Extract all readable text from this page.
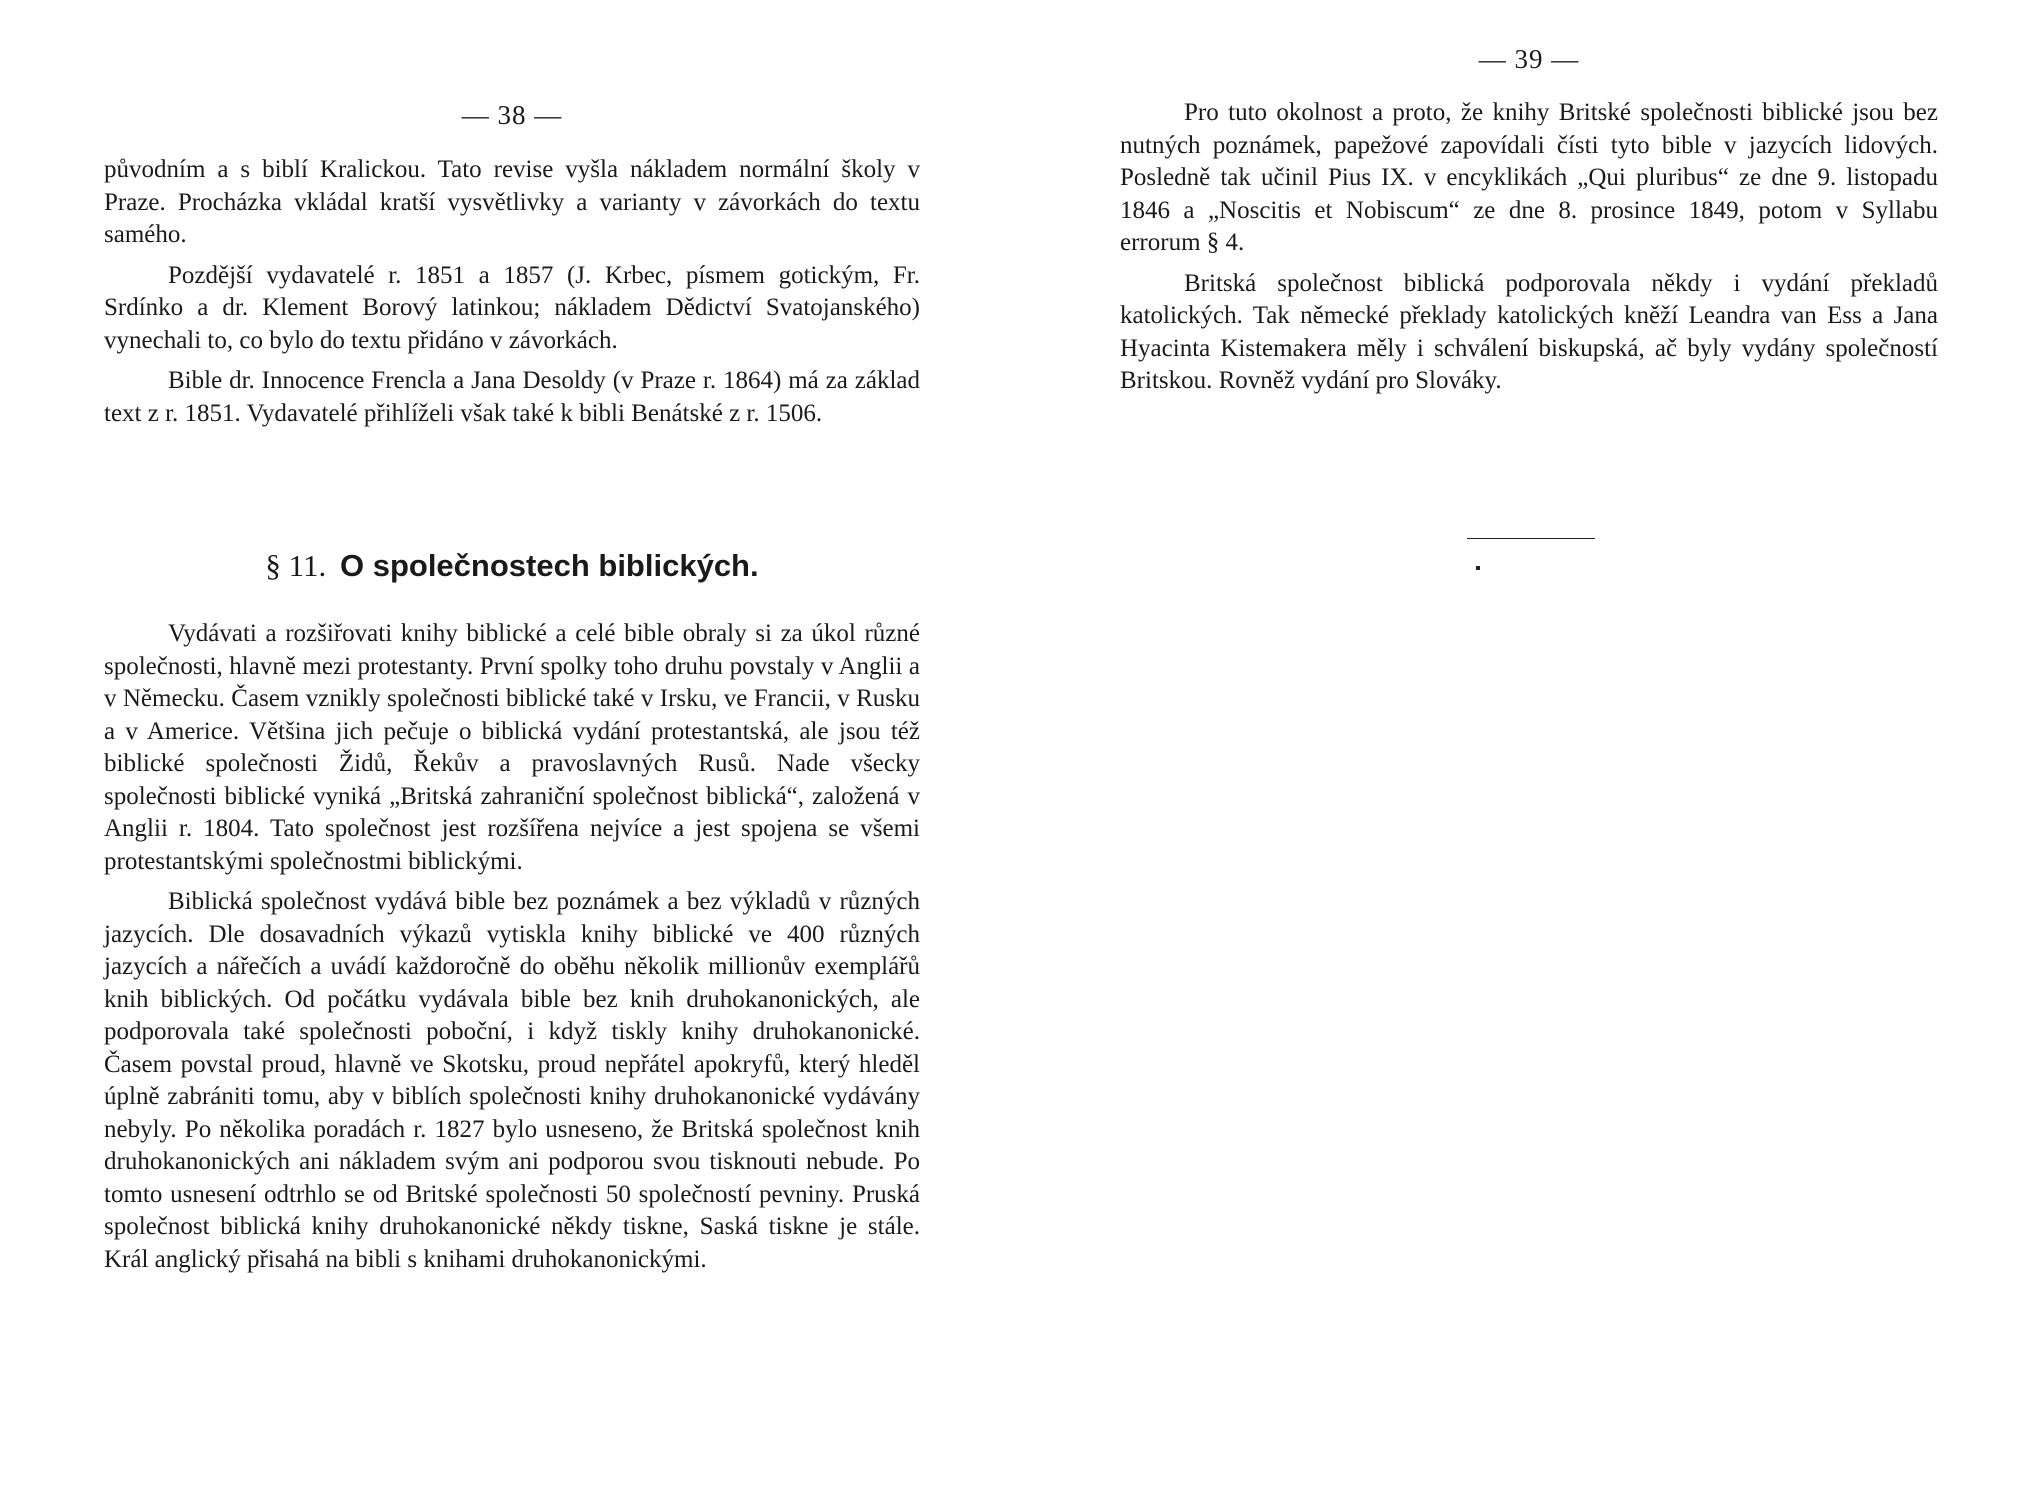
— 38 —

původním a s biblí Kralickou. Tato revise vyšla nákladem normální školy v Praze. Procházka vkládal kratší vysvětlivky a varianty v závorkách do textu samého.

Pozdější vydavatelé r. 1851 a 1857 (J. Krbec, písmem gotickým, Fr. Srdínko a dr. Klement Borový latinkou; nákladem Dědictví Svatojanského) vynechali to, co bylo do textu přidáno v závorkách.

Bible dr. Innocence Frencla a Jana Desoldy (v Praze r. 1864) má za základ text z r. 1851. Vydavatelé přihlíželi však také k bibli Benátské z r. 1506.

§ 11. O společnostech biblických.

Vydávati a rozšiřovati knihy biblické a celé bible obraly si za úkol různé společnosti, hlavně mezi protestanty. První spolky toho druhu povstaly v Anglii a v Německu. Časem vznikly společnosti biblické také v Irsku, ve Francii, v Rusku a v Americe. Většina jich pečuje o biblická vydání protestantská, ale jsou též biblické společnosti Židů, Řekův a pravoslavných Rusů. Nade všecky společnosti biblické vyniká „Britská zahraniční společnost biblická“, založená v Anglii r. 1804. Tato společnost jest rozšířena nejvíce a jest spojena se všemi protestantskými společnostmi biblickými.

Biblická společnost vydává bible bez poznámek a bez výkladů v různých jazycích. Dle dosavadních výkazů vytiskla knihy biblické ve 400 různých jazycích a nářečích a uvádí každoročně do oběhu několik millionův exemplářů knih biblických. Od počátku vydávala bible bez knih druhokanonických, ale podporovala také společnosti poboční, i když tiskly knihy druhokanonické. Časem povstal proud, hlavně ve Skotsku, proud nepřátel apokryfů, který hleděl úplně zabrániti tomu, aby v biblích společnosti knihy druhokanonické vydávány nebyly. Po několika poradách r. 1827 bylo usneseno, že Britská společnost knih druhokanonických ani nákladem svým ani podporou svou tisknouti nebude. Po tomto usnesení odtrhlo se od Britské společnosti 50 společností pevniny. Pruská společnost biblická knihy druhokanonické někdy tiskne, Saská tiskne je stále. Král anglický přisahá na bibli s knihami druhokanonickými.

— 39 —

Pro tuto okolnost a proto, že knihy Britské společnosti biblické jsou bez nutných poznámek, papežové zapovídali čísti tyto bible v jazycích lidových. Posledně tak učinil Pius IX. v encyklikách „Qui pluribus“ ze dne 9. listopadu 1846 a „Noscitis et Nobiscum“ ze dne 8. prosince 1849, potom v Syllabu errorum § 4.

Britská společnost biblická podporovala někdy i vydání překladů katolických. Tak německé překlady katolických kněží Leandra van Ess a Jana Hyacinta Kistemakera měly i schválení biskupská, ač byly vydány společností Britskou. Rovněž vydání pro Slováky.
